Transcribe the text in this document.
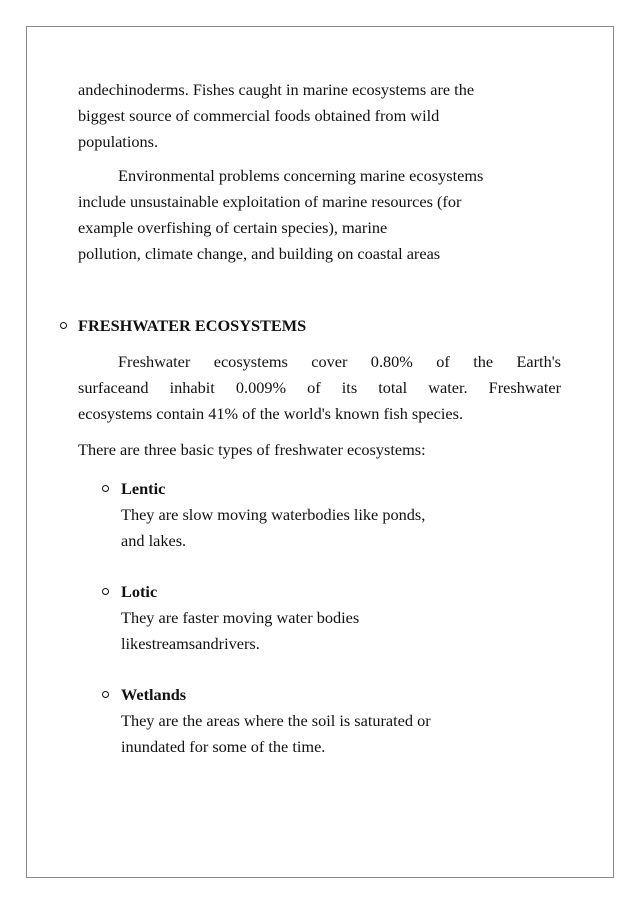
andechinoderms. Fishes caught in marine ecosystems are the
biggest source of commercial foods obtained from wild
populations.
Environmental problems concerning marine ecosystems
include unsustainable exploitation of marine resources (for
example overfishing of certain species), marine
pollution, climate change, and building on coastal areas
FRESHWATER ECOSYSTEMS
Freshwater ecosystems cover 0.80% of the Earth's
surfaceand inhabit 0.009% of its total water. Freshwater
ecosystems contain 41% of the world's known fish species.
There are three basic types of freshwater ecosystems:
Lentic
They are slow moving waterbodies like ponds,
and lakes.
Lotic
They are faster moving water bodies
likestreamsandrivers.
Wetlands
They are the areas where the soil is saturated or
inundated for some of the time.
